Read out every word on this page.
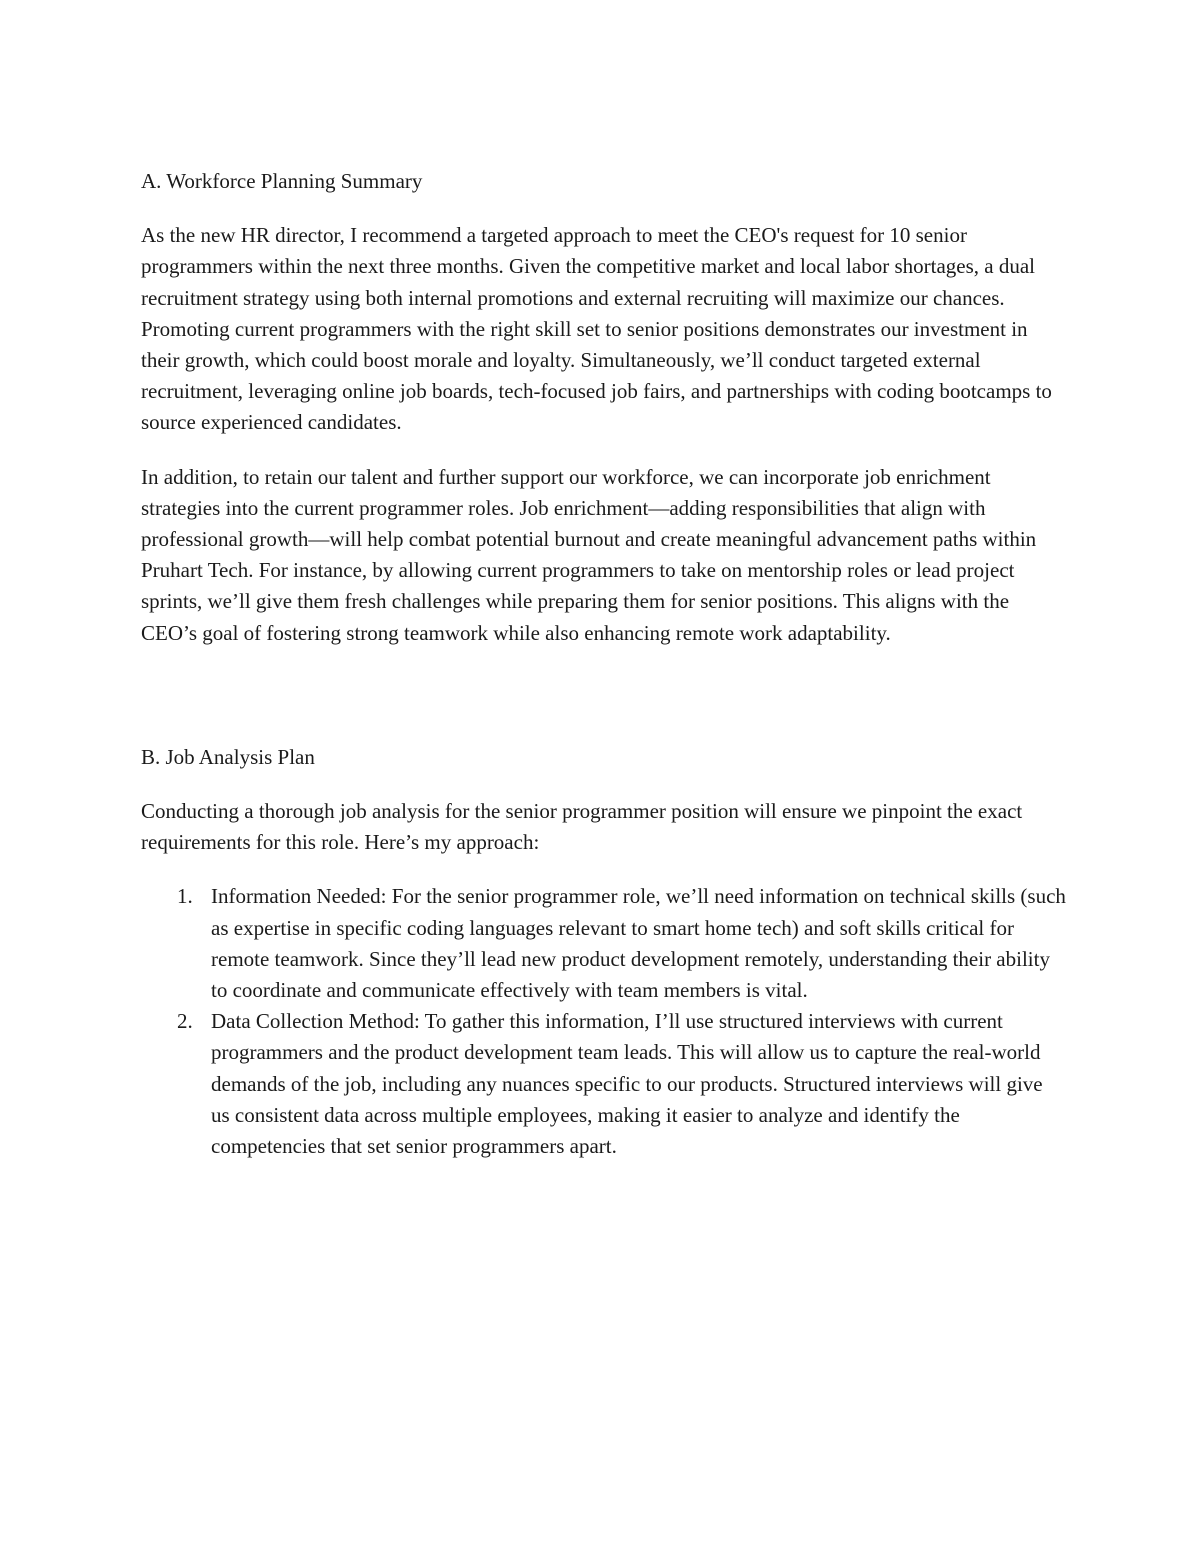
A. Workforce Planning Summary

As the new HR director, I recommend a targeted approach to meet the CEO's request for 10 senior programmers within the next three months. Given the competitive market and local labor shortages, a dual recruitment strategy using both internal promotions and external recruiting will maximize our chances. Promoting current programmers with the right skill set to senior positions demonstrates our investment in their growth, which could boost morale and loyalty. Simultaneously, we’ll conduct targeted external recruitment, leveraging online job boards, tech-focused job fairs, and partnerships with coding bootcamps to source experienced candidates.

In addition, to retain our talent and further support our workforce, we can incorporate job enrichment strategies into the current programmer roles. Job enrichment—adding responsibilities that align with professional growth—will help combat potential burnout and create meaningful advancement paths within Pruhart Tech. For instance, by allowing current programmers to take on mentorship roles or lead project sprints, we’ll give them fresh challenges while preparing them for senior positions. This aligns with the CEO’s goal of fostering strong teamwork while also enhancing remote work adaptability.

B. Job Analysis Plan

Conducting a thorough job analysis for the senior programmer position will ensure we pinpoint the exact requirements for this role. Here’s my approach:

1. Information Needed: For the senior programmer role, we’ll need information on technical skills (such as expertise in specific coding languages relevant to smart home tech) and soft skills critical for remote teamwork. Since they’ll lead new product development remotely, understanding their ability to coordinate and communicate effectively with team members is vital.
2. Data Collection Method: To gather this information, I’ll use structured interviews with current programmers and the product development team leads. This will allow us to capture the real-world demands of the job, including any nuances specific to our products. Structured interviews will give us consistent data across multiple employees, making it easier to analyze and identify the competencies that set senior programmers apart.
